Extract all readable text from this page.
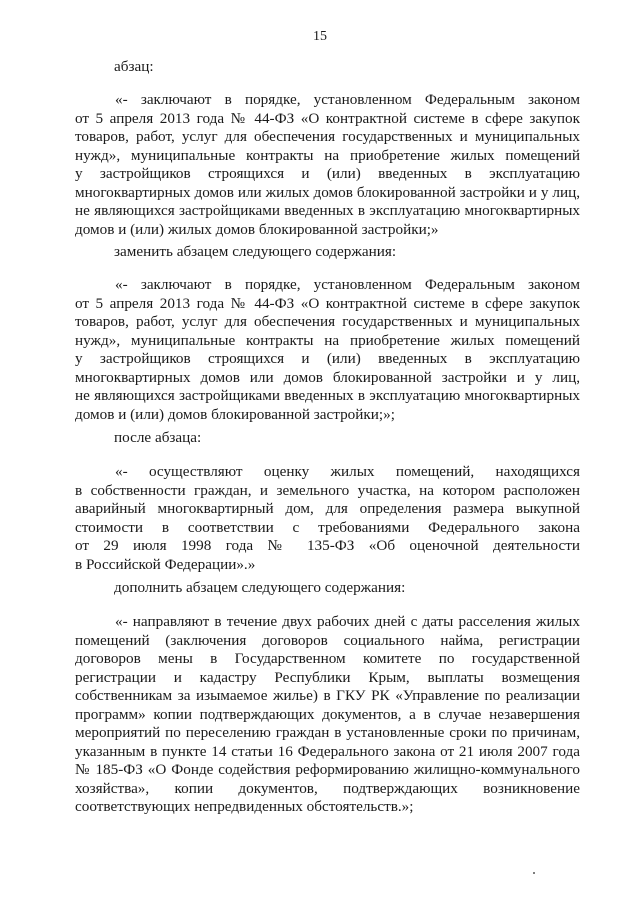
15
абзац:
«- заключают в порядке, установленном Федеральным законом
от 5 апреля 2013 года № 44-ФЗ «О контрактной системе в сфере закупок
товаров, работ, услуг для обеспечения государственных и муниципальных
нужд», муниципальные контракты на приобретение жилых помещений
у застройщиков строящихся и (или) введенных в эксплуатацию
многоквартирных домов или жилых домов блокированной застройки и у лиц,
не являющихся застройщиками введенных в эксплуатацию многоквартирных
домов и (или) жилых домов блокированной застройки;»
заменить абзацем следующего содержания:
«- заключают в порядке, установленном Федеральным законом
от 5 апреля 2013 года № 44-ФЗ «О контрактной системе в сфере закупок
товаров, работ, услуг для обеспечения государственных и муниципальных
нужд», муниципальные контракты на приобретение жилых помещений
у застройщиков строящихся и (или) введенных в эксплуатацию
многоквартирных домов или домов блокированной застройки и у лиц,
не являющихся застройщиками введенных в эксплуатацию многоквартирных
домов и (или) домов блокированной застройки;»;
после абзаца:
«- осуществляют оценку жилых помещений, находящихся
в собственности граждан, и земельного участка, на котором расположен
аварийный многоквартирный дом, для определения размера выкупной
стоимости в соответствии с требованиями Федерального закона
от 29 июля 1998 года № 135-ФЗ «Об оценочной деятельности
в Российской Федерации».»
дополнить абзацем следующего содержания:
«- направляют в течение двух рабочих дней с даты расселения жилых
помещений (заключения договоров социального найма, регистрации
договоров мены в Государственном комитете по государственной
регистрации и кадастру Республики Крым, выплаты возмещения
собственникам за изымаемое жилье) в ГКУ РК «Управление по реализации
программ» копии подтверждающих документов, а в случае незавершения
мероприятий по переселению граждан в установленные сроки по причинам,
указанным в пункте 14 статьи 16 Федерального закона от 21 июля 2007 года
№ 185-ФЗ «О Фонде содействия реформированию жилищно-коммунального
хозяйства», копии документов, подтверждающих возникновение
соответствующих непредвиденных обстоятельств.»;
